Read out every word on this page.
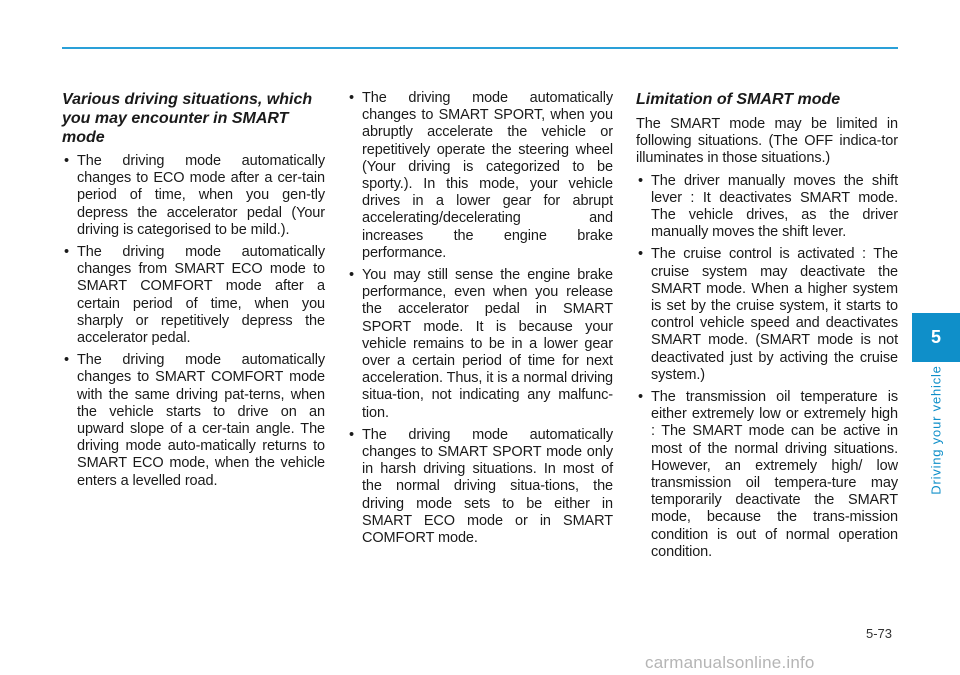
Various driving situations, which you may encounter in SMART mode
• The driving mode automatically changes to ECO mode after a cer-tain period of time, when you gen-tly depress the accelerator pedal (Your driving is categorised to be mild.).
• The driving mode automatically changes from SMART ECO mode to SMART COMFORT mode after a certain period of time, when you sharply or repetitively depress the accelerator pedal.
• The driving mode automatically changes to SMART COMFORT mode with the same driving pat-terns, when the vehicle starts to drive on an upward slope of a cer-tain angle. The driving mode auto-matically returns to SMART ECO mode, when the vehicle enters a levelled road.
• The driving mode automatically changes to SMART SPORT, when you abruptly accelerate the vehicle or repetitively operate the steering wheel (Your driving is categorized to be sporty.). In this mode, your vehicle drives in a lower gear for abrupt accelerating/decelerating and increases the engine brake performance.
• You may still sense the engine brake performance, even when you release the accelerator pedal in SMART SPORT mode. It is because your vehicle remains to be in a lower gear over a certain period of time for next acceleration. Thus, it is a normal driving situa-tion, not indicating any malfunc-tion.
• The driving mode automatically changes to SMART SPORT mode only in harsh driving situations. In most of the normal driving situa-tions, the driving mode sets to be either in SMART ECO mode or in SMART COMFORT mode.
Limitation of SMART mode

The SMART mode may be limited in following situations. (The OFF indica-tor illuminates in those situations.)

• The driver manually moves the shift lever : It deactivates SMART mode. The vehicle drives, as the driver manually moves the shift lever.
• The cruise control is activated : The cruise system may deactivate the SMART mode. When a higher system is set by the cruise system, it starts to control vehicle speed and deactivates SMART mode. (SMART mode is not deactivated just by activing the cruise system.)
• The transmission oil temperature is either extremely low or extremely high : The SMART mode can be active in most of the normal driving situations. However, an extremely high/ low transmission oil tempera-ture may temporarily deactivate the SMART mode, because the trans-mission condition is out of normal operation condition.
5
Driving your vehicle
5-73
carmanualsonline.info
